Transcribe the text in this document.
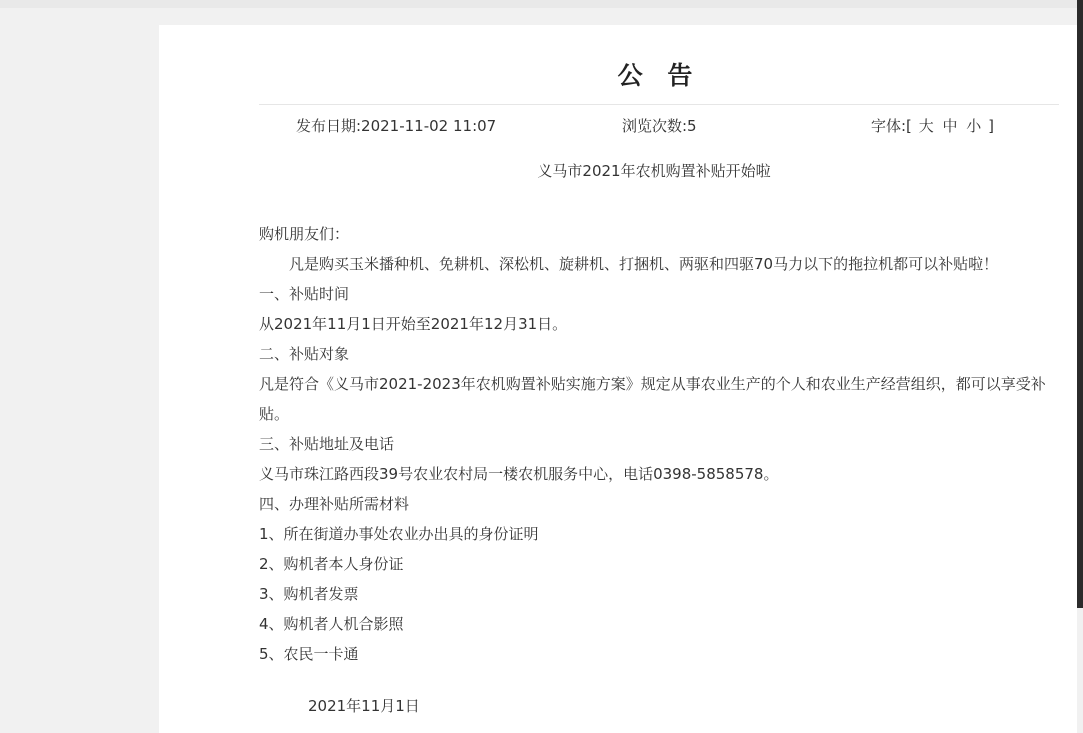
公 告
发布日期:2021-11-02 11:07	浏览次数:5	字体:[ 大 中 小 ]

义马市2021年农机购置补贴开始啦

购机朋友们：

凡是购买玉米播种机、免耕机、深松机、旋耕机、打捆机、两驱和四驱70马力以下的拖拉机都可以补贴啦！

一、补贴时间

从2021年11月1日开始至2021年12月31日。

二、补贴对象

凡是符合《义马市2021-2023年农机购置补贴实施方案》规定从事农业生产的个人和农业生产经营组织，都可以享受补贴。

三、补贴地址及电话

义马市珠江路西段39号农业农村局一楼农机服务中心，电话0398-5858578。

四、办理补贴所需材料

1、所在街道办事处农业办出具的身份证明

2、购机者本人身份证

3、购机者发票

4、购机者人机合影照

5、农民一卡通

2021年11月1日
